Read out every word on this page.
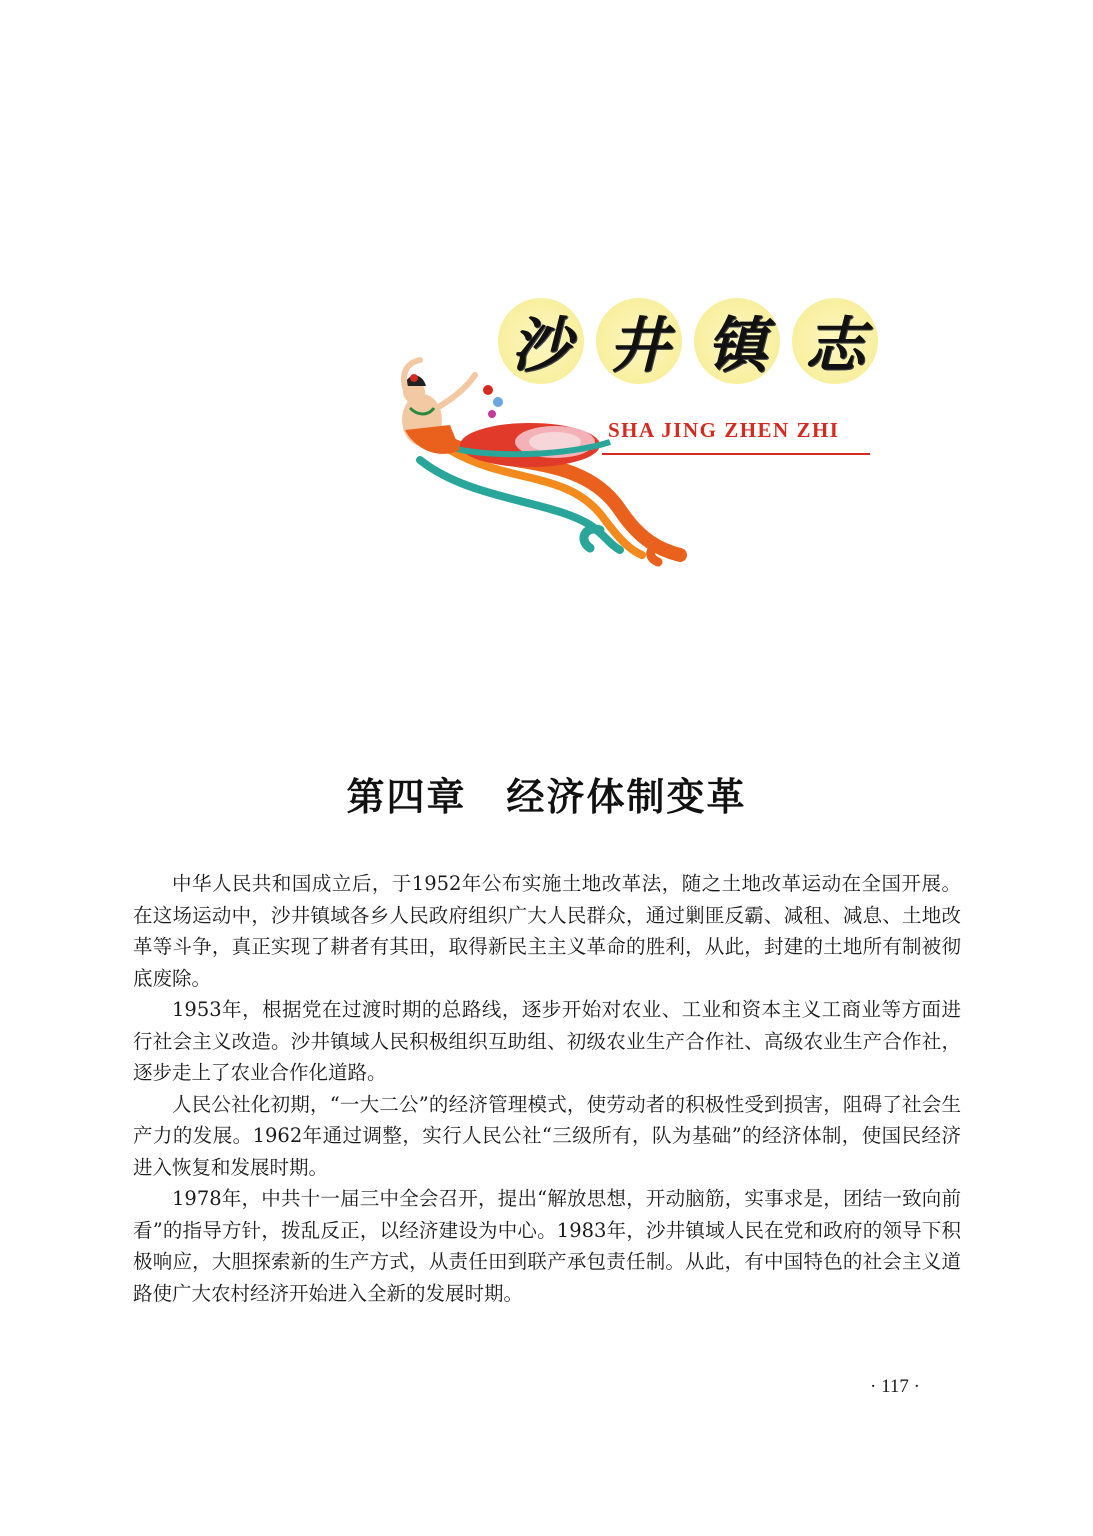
沙 井 镇 志
SHA JING ZHEN ZHI
第四章　经济体制变革

中华人民共和国成立后，于1952年公布实施土地改革法，随之土地改革运动在全国开展。在这场运动中，沙井镇域各乡人民政府组织广大人民群众，通过剿匪反霸、减租、减息、土地改革等斗争，真正实现了耕者有其田，取得新民主主义革命的胜利，从此，封建的土地所有制被彻底废除。

1953年，根据党在过渡时期的总路线，逐步开始对农业、工业和资本主义工商业等方面进行社会主义改造。沙井镇域人民积极组织互助组、初级农业生产合作社、高级农业生产合作社，逐步走上了农业合作化道路。

人民公社化初期，“一大二公”的经济管理模式，使劳动者的积极性受到损害，阻碍了社会生产力的发展。1962年通过调整，实行人民公社“三级所有，队为基础”的经济体制，使国民经济进入恢复和发展时期。

1978年，中共十一届三中全会召开，提出“解放思想，开动脑筋，实事求是，团结一致向前看”的指导方针，拨乱反正，以经济建设为中心。1983年，沙井镇域人民在党和政府的领导下积极响应，大胆探索新的生产方式，从责任田到联产承包责任制。从此，有中国特色的社会主义道路使广大农村经济开始进入全新的发展时期。

· 117 ·
